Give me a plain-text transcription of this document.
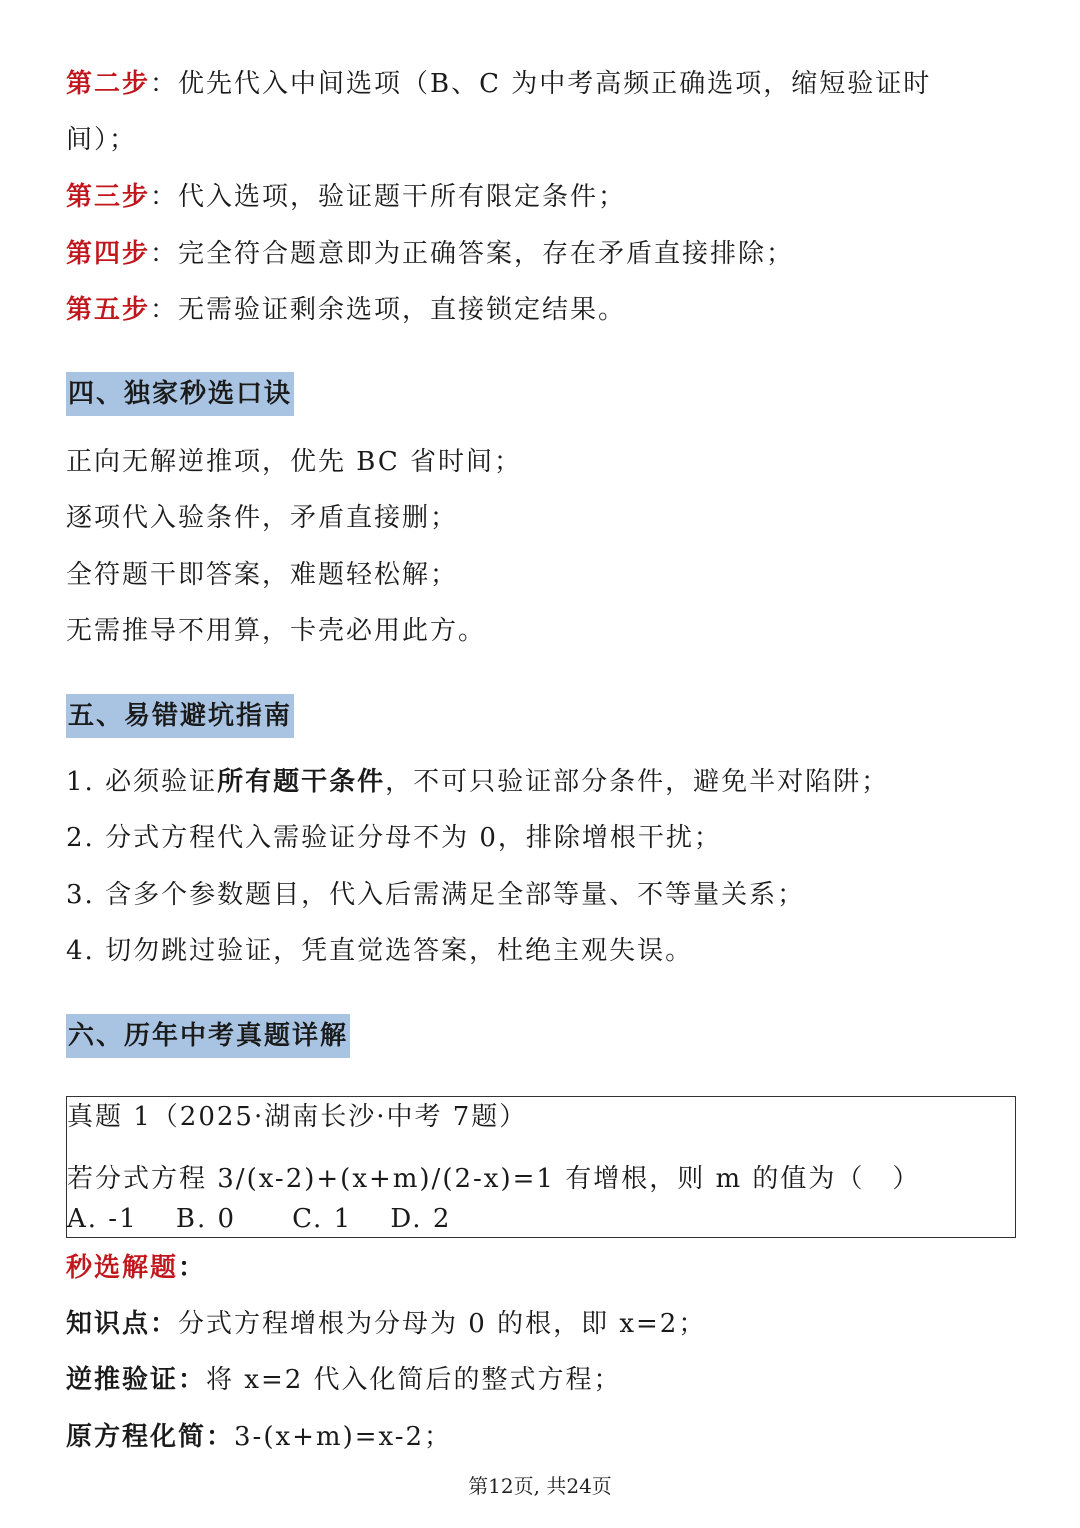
第二步：优先代入中间选项（B、C 为中考高频正确选项，缩短验证时
间）；
第三步：代入选项，验证题干所有限定条件；
第四步：完全符合题意即为正确答案，存在矛盾直接排除；
第五步：无需验证剩余选项，直接锁定结果。
四、独家秒选口诀
正向无解逆推项，优先 BC 省时间；
逐项代入验条件，矛盾直接删；
全符题干即答案，难题轻松解；
无需推导不用算，卡壳必用此方。
五、易错避坑指南
1. 必须验证所有题干条件，不可只验证部分条件，避免半对陷阱；
2. 分式方程代入需验证分母不为 0，排除增根干扰；
3. 含多个参数题目，代入后需满足全部等量、不等量关系；
4. 切勿跳过验证，凭直觉选答案，杜绝主观失误。
六、历年中考真题详解
真题 1（2025·湖南长沙·中考 7题）
若分式方程 3/(x-2)+(x+m)/(2-x)=1 有增根，则 m 的值为（　）
A. -1　 B. 0　　C. 1　 D. 2
秒选解题：
知识点：分式方程增根为分母为 0 的根，即 x=2；
逆推验证：将 x=2 代入化简后的整式方程；
原方程化简：3-(x+m)=x-2；
第12页, 共24页
